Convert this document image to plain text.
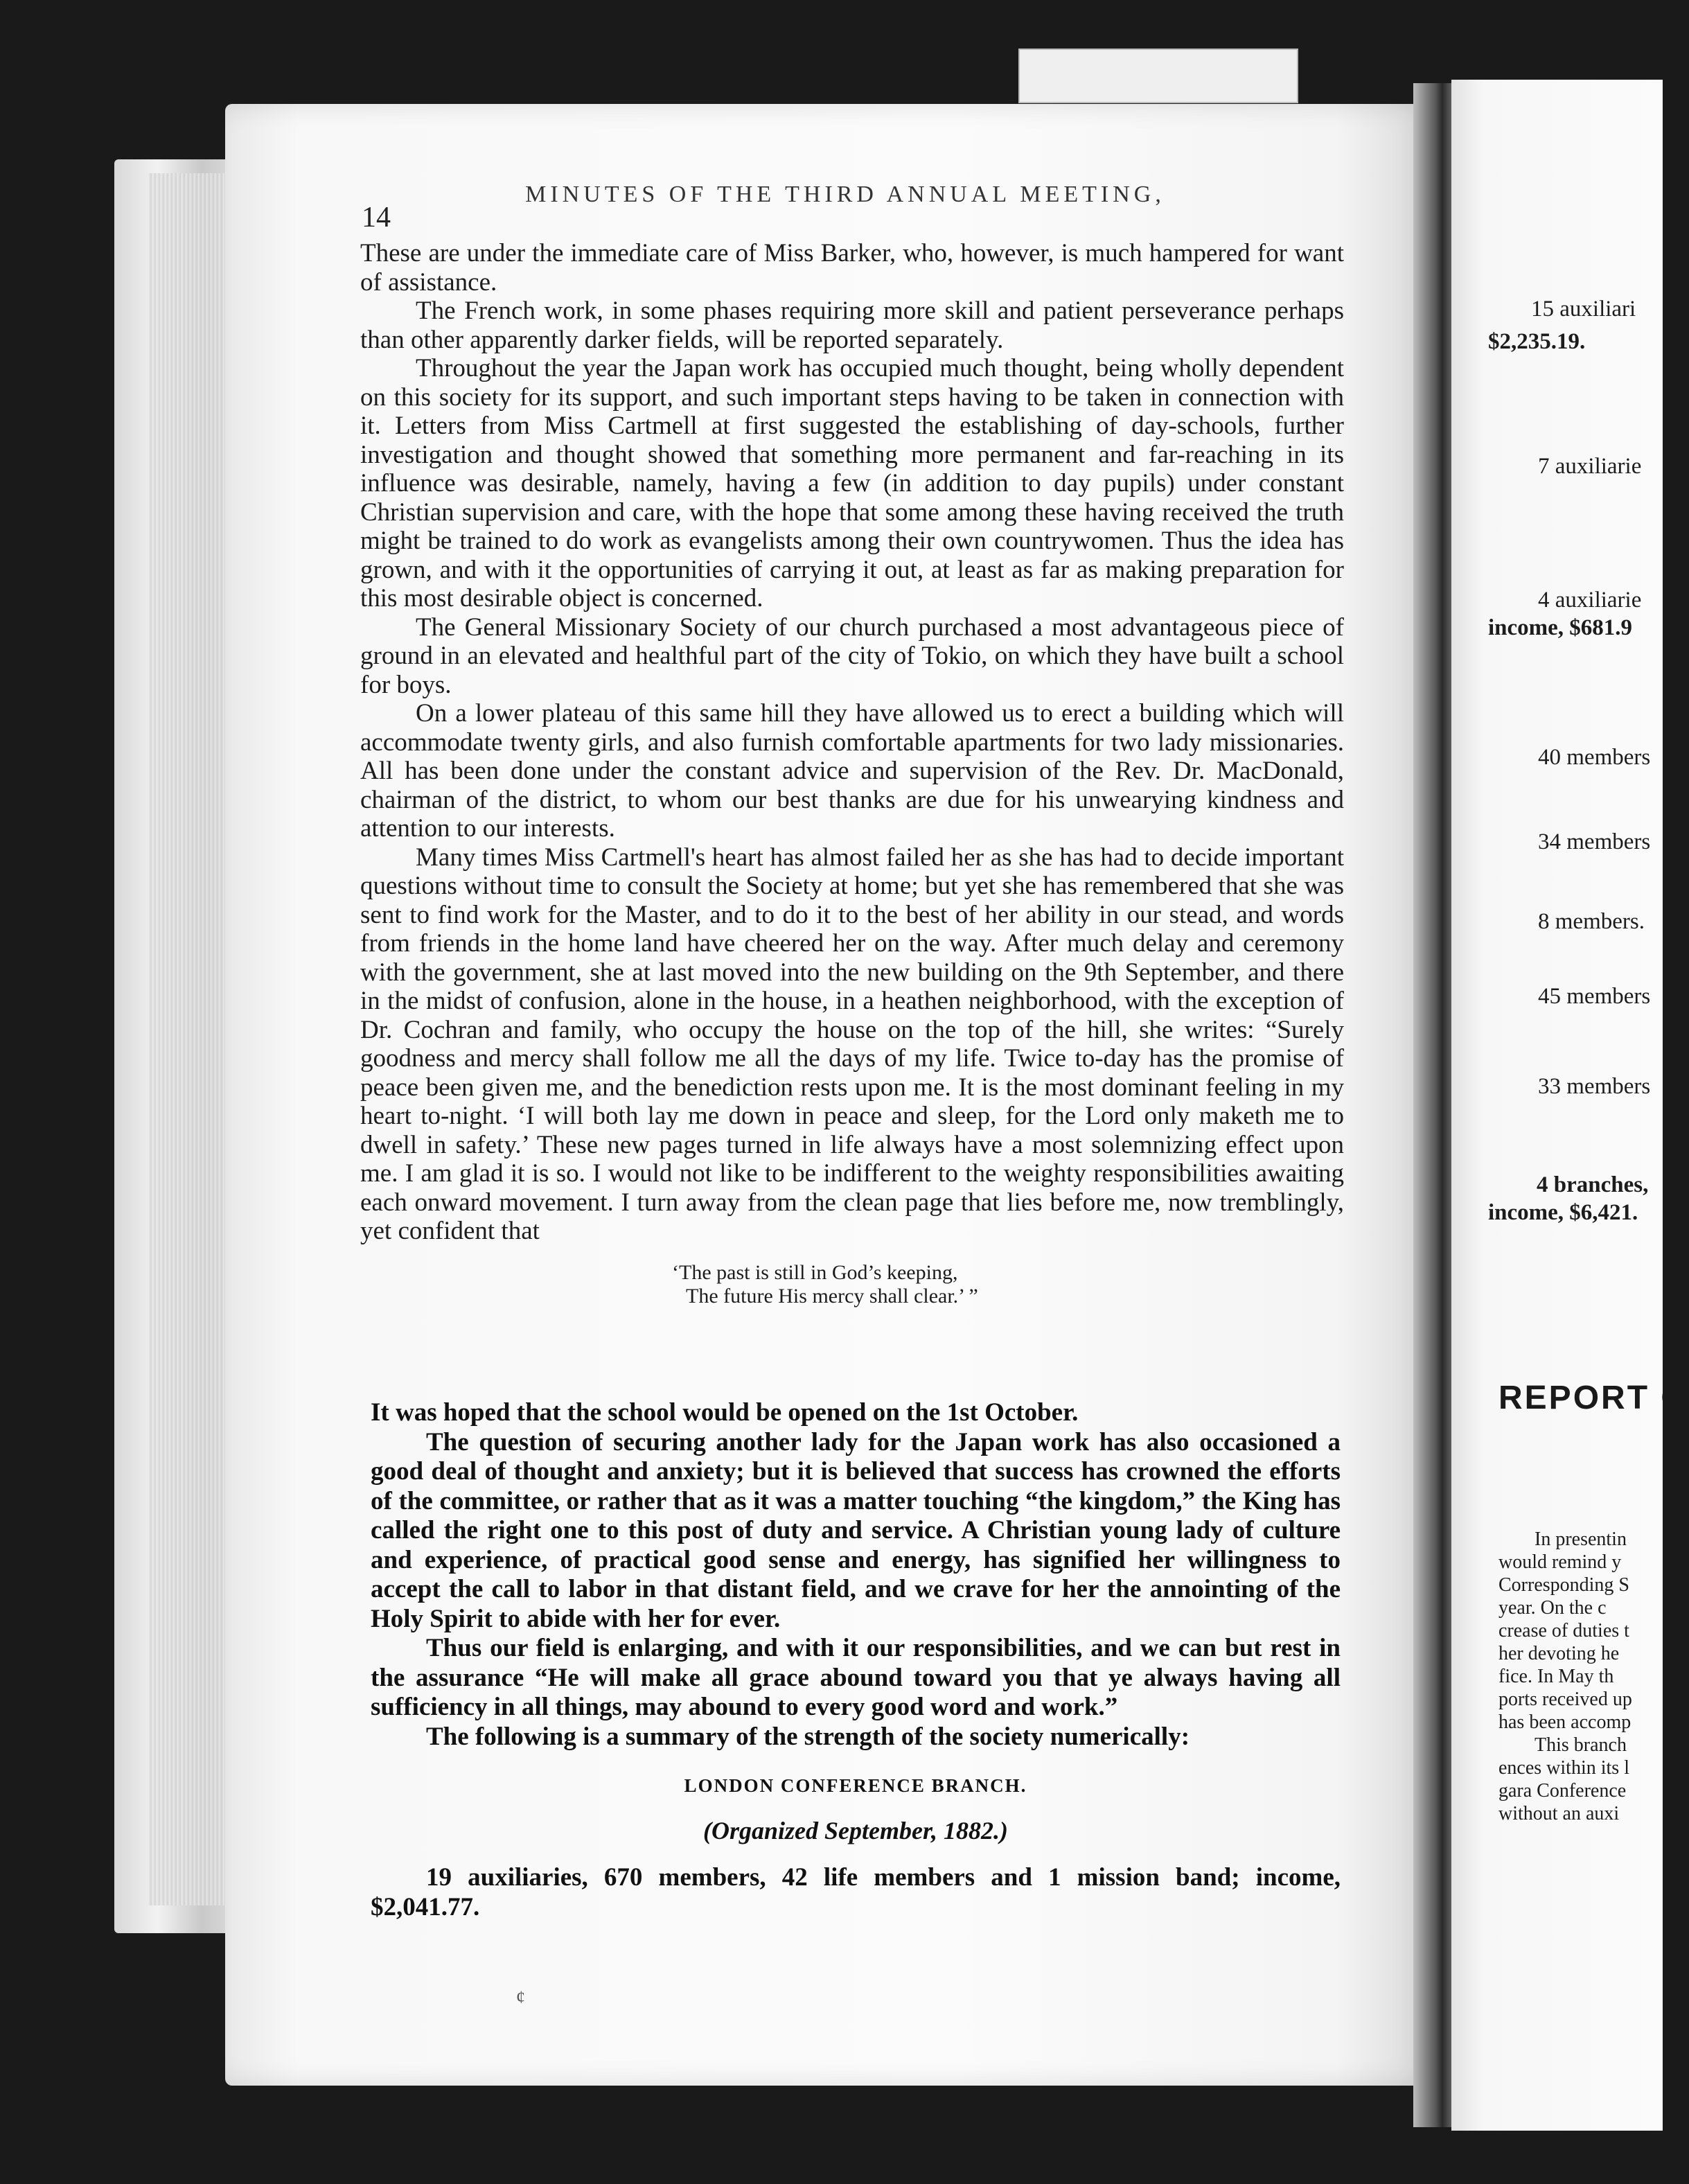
14
MINUTES OF THE THIRD ANNUAL MEETING,

These are under the immediate care of Miss Barker, who, however, is much hampered for want of assistance.

The French work, in some phases requiring more skill and patient perseverance perhaps than other apparently darker fields, will be reported separately.

Throughout the year the Japan work has occupied much thought, being wholly dependent on this society for its support, and such important steps having to be taken in connection with it. Letters from Miss Cartmell at first suggested the establishing of day-schools, further investigation and thought showed that something more permanent and far-reaching in its influence was desirable, namely, having a few (in addition to day pupils) under constant Christian supervision and care, with the hope that some among these having received the truth might be trained to do work as evangelists among their own countrywomen. Thus the idea has grown, and with it the opportunities of carrying it out, at least as far as making preparation for this most desirable object is concerned.

The General Missionary Society of our church purchased a most advantageous piece of ground in an elevated and healthful part of the city of Tokio, on which they have built a school for boys.

On a lower plateau of this same hill they have allowed us to erect a building which will accommodate twenty girls, and also furnish comfortable apartments for two lady missionaries. All has been done under the constant advice and supervision of the Rev. Dr. MacDonald, chairman of the district, to whom our best thanks are due for his unwearying kindness and attention to our interests.

Many times Miss Cartmell's heart has almost failed her as she has had to decide important questions without time to consult the Society at home; but yet she has remembered that she was sent to find work for the Master, and to do it to the best of her ability in our stead, and words from friends in the home land have cheered her on the way. After much delay and ceremony with the government, she at last moved into the new building on the 9th September, and there in the midst of confusion, alone in the house, in a heathen neighborhood, with the exception of Dr. Cochran and family, who occupy the house on the top of the hill, she writes: “Surely goodness and mercy shall follow me all the days of my life. Twice to-day has the promise of peace been given me, and the benediction rests upon me. It is the most dominant feeling in my heart to-night. ‘I will both lay me down in peace and sleep, for the Lord only maketh me to dwell in safety.’ These new pages turned in life always have a most solemnizing effect upon me. I am glad it is so. I would not like to be indifferent to the weighty responsibilities awaiting each onward movement. I turn away from the clean page that lies before me, now tremblingly, yet confident that

‘The past is still in God’s keeping,
The future His mercy shall clear.’ ”

It was hoped that the school would be opened on the 1st October.

The question of securing another lady for the Japan work has also occasioned a good deal of thought and anxiety; but it is believed that success has crowned the efforts of the committee, or rather that as it was a matter touching “the kingdom,” the King has called the right one to this post of duty and service. A Christian young lady of culture and experience, of practical good sense and energy, has signified her willingness to accept the call to labor in that distant field, and we crave for her the annointing of the Holy Spirit to abide with her for ever.

Thus our field is enlarging, and with it our responsibilities, and we can but rest in the assurance “He will make all grace abound toward you that ye always having all sufficiency in all things, may abound to every good word and work.”

The following is a summary of the strength of the society numerically:

LONDON CONFERENCE BRANCH.
(Organized September, 1882.)

19 auxiliaries, 670 members, 42 life members and 1 mission band; income, $2,041.77.

¢
15 auxiliari
$2,235.19.
7 auxiliarie
4 auxiliarie
income, $681.9
40 members
34 members
8 members.
45 members
33 members
4 branches,
income, $6,421.
REPORT O
In presentin
would remind y
Corresponding S
year. On the c
crease of duties t
her devoting he
fice. In May th
ports received up
has been accomp
This branch
ences within its l
gara Conference
without an auxi
